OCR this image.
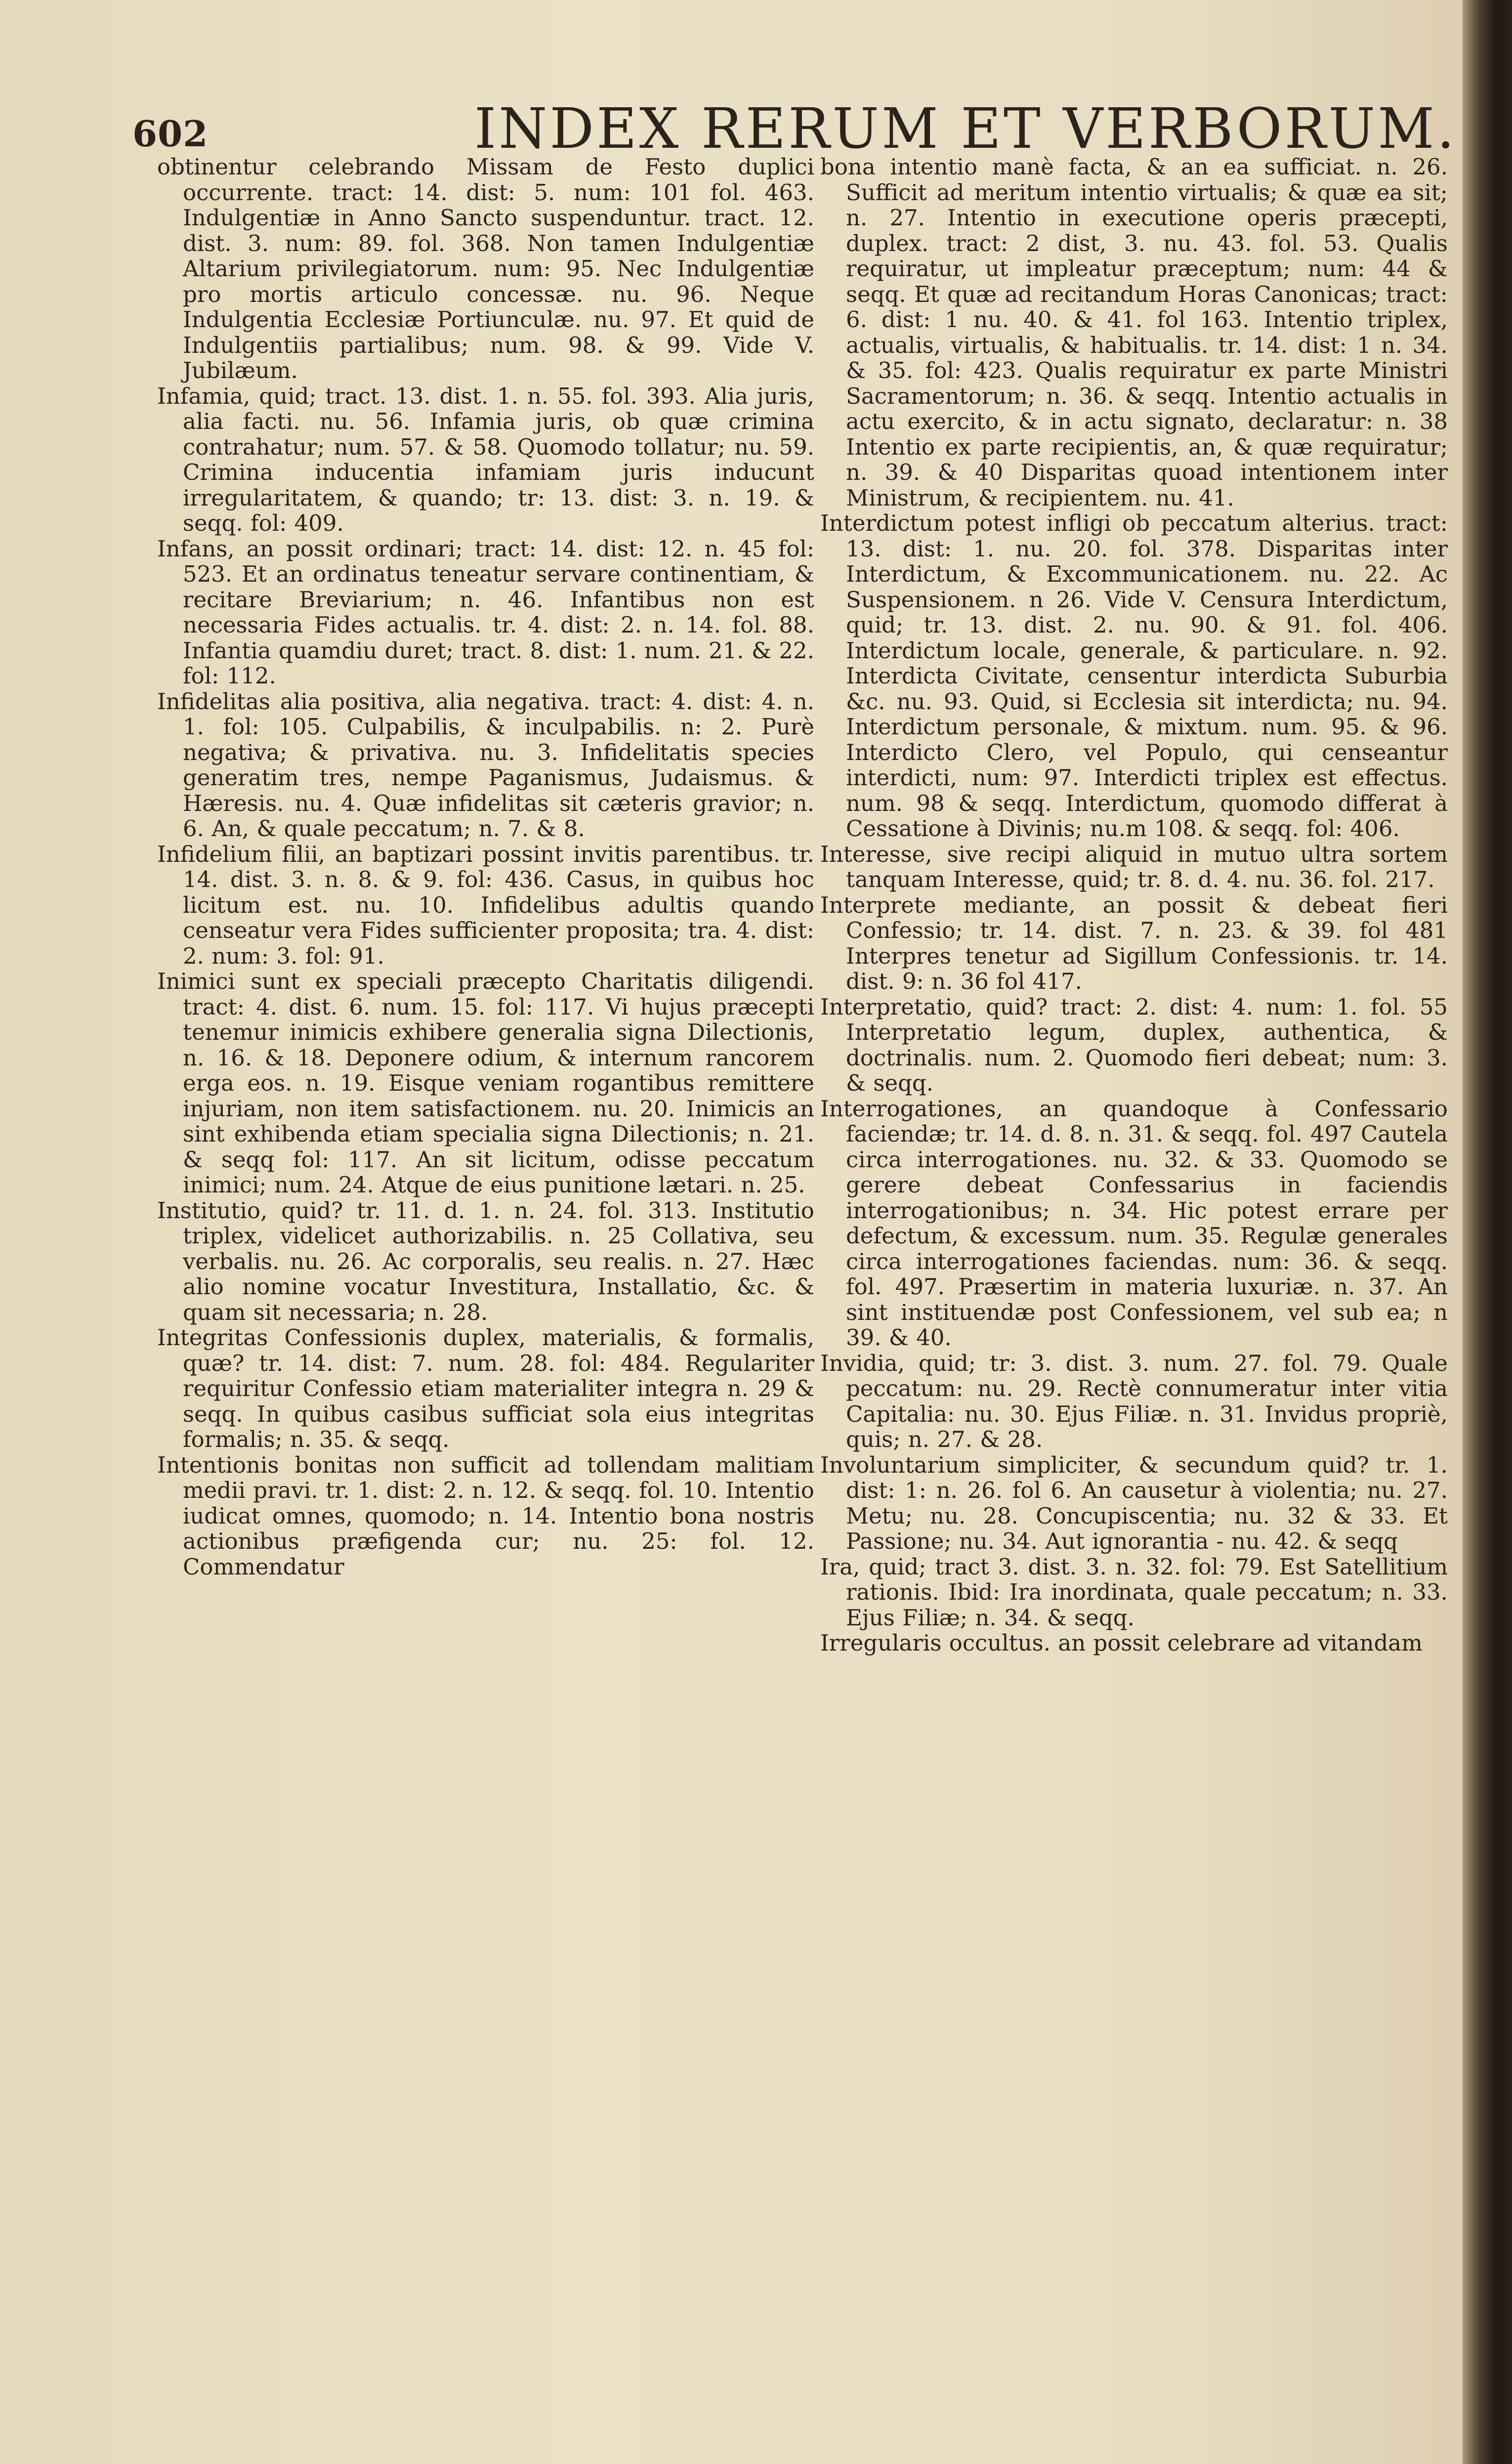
602	INDEX RERUM ET VERBORUM.

obtinentur celebrando Missam de Festo duplici occurrente. tract: 14. dist: 5. num: 101 fol. 463. Indulgentiæ in Anno Sancto suspenduntur. tract. 12. dist. 3. num: 89. fol. 368. Non tamen Indulgentiæ Altarium privilegiatorum. num: 95. Nec Indulgentiæ pro mortis articulo concessæ. nu. 96. Neque Indulgentia Ecclesiæ Portiunculæ. nu. 97. Et quid de Indulgentiis partialibus; num. 98. & 99. Vide V. Jubilæum.

Infamia, quid; tract. 13. dist. 1. n. 55. fol. 393. Alia juris, alia facti. nu. 56. Infamia juris, ob quæ crimina contrahatur; num. 57. & 58. Quomodo tollatur; nu. 59. Crimina inducentia infamiam juris inducunt irregularitatem, & quando; tr: 13. dist: 3. n. 19. & seqq. fol: 409.

Infans, an possit ordinari; tract: 14. dist: 12. n. 45 fol: 523. Et an ordinatus teneatur servare continentiam, & recitare Breviarium; n. 46. Infantibus non est necessaria Fides actualis. tr. 4. dist: 2. n. 14. fol. 88. Infantia quamdiu duret; tract. 8. dist: 1. num. 21. & 22. fol: 112.

Infidelitas alia positiva, alia negativa. tract: 4. dist: 4. n. 1. fol: 105. Culpabilis, & inculpabilis. n: 2. Purè negativa; & privativa. nu. 3. Infidelitatis species generatim tres, nempe Paganismus, Judaismus. & Hæresis. nu. 4. Quæ infidelitas sit cæteris gravior; n. 6. An, & quale peccatum; n. 7. & 8.

Infidelium filii, an baptizari possint invitis parentibus. tr. 14. dist. 3. n. 8. & 9. fol: 436. Casus, in quibus hoc licitum est. nu. 10. Infidelibus adultis quando censeatur vera Fides sufficienter proposita; tra. 4. dist: 2. num: 3. fol: 91.

Inimici sunt ex speciali præcepto Charitatis diligendi. tract: 4. dist. 6. num. 15. fol: 117. Vi hujus præcepti tenemur inimicis exhibere generalia signa Dilectionis, n. 16. & 18. Deponere odium, & internum rancorem erga eos. n. 19. Eisque veniam rogantibus remittere injuriam, non item satisfactionem. nu. 20. Inimicis an sint exhibenda etiam specialia signa Dilectionis; n. 21. & seqq fol: 117. An sit licitum, odisse peccatum inimici; num. 24. Atque de eius punitione lætari. n. 25.

Institutio, quid? tr. 11. d. 1. n. 24. fol. 313. Institutio triplex, videlicet authorizabilis. n. 25 Collativa, seu verbalis. nu. 26. Ac corporalis, seu realis. n. 27. Hæc alio nomine vocatur Investitura, Installatio, &c. & quam sit necessaria; n. 28.

Integritas Confessionis duplex, materialis, & formalis, quæ? tr. 14. dist: 7. num. 28. fol: 484. Regulariter requiritur Confessio etiam materialiter integra n. 29 & seqq. In quibus casibus sufficiat sola eius integritas formalis; n. 35. & seqq.

Intentionis bonitas non sufficit ad tollendam malitiam medii pravi. tr. 1. dist: 2. n. 12. & seqq. fol. 10. Intentio iudicat omnes, quomodo; n. 14. Intentio bona nostris actionibus præfigenda cur; nu. 25: fol. 12. Commendatur

bona intentio manè facta, & an ea sufficiat. n. 26. Sufficit ad meritum intentio virtualis; & quæ ea sit; n. 27. Intentio in executione operis præcepti, duplex. tract: 2 dist, 3. nu. 43. fol. 53. Qualis requiratur, ut impleatur præceptum; num: 44 & seqq. Et quæ ad recitandum Horas Canonicas; tract: 6. dist: 1 nu. 40. & 41. fol 163. Intentio triplex, actualis, virtualis, & habitualis. tr. 14. dist: 1 n. 34. & 35. fol: 423. Qualis requiratur ex parte Ministri Sacramentorum; n. 36. & seqq. Intentio actualis in actu exercito, & in actu signato, declaratur: n. 38 Intentio ex parte recipientis, an, & quæ requiratur; n. 39. & 40 Disparitas quoad intentionem inter Ministrum, & recipientem. nu. 41.

Interdictum potest infligi ob peccatum alterius. tract: 13. dist: 1. nu. 20. fol. 378. Disparitas inter Interdictum, & Excommunicationem. nu. 22. Ac Suspensionem. n 26. Vide V. Censura Interdictum, quid; tr. 13. dist. 2. nu. 90. & 91. fol. 406. Interdictum locale, generale, & particulare. n. 92. Interdicta Civitate, censentur interdicta Suburbia &c. nu. 93. Quid, si Ecclesia sit interdicta; nu. 94. Interdictum personale, & mixtum. num. 95. & 96. Interdicto Clero, vel Populo, qui censeantur interdicti, num: 97. Interdicti triplex est effectus. num. 98 & seqq. Interdictum, quomodo differat à Cessatione à Divinis; nu.m 108. & seqq. fol: 406.

Interesse, sive recipi aliquid in mutuo ultra sortem tanquam Interesse, quid; tr. 8. d. 4. nu. 36. fol. 217.

Interprete mediante, an possit & debeat fieri Confessio; tr. 14. dist. 7. n. 23. & 39. fol 481 Interpres tenetur ad Sigillum Confessionis. tr. 14. dist. 9: n. 36 fol 417.

Interpretatio, quid? tract: 2. dist: 4. num: 1. fol. 55 Interpretatio legum, duplex, authentica, & doctrinalis. num. 2. Quomodo fieri debeat; num: 3. & seqq.

Interrogationes, an quandoque à Confessario faciendæ; tr. 14. d. 8. n. 31. & seqq. fol. 497 Cautela circa interrogationes. nu. 32. & 33. Quomodo se gerere debeat Confessarius in faciendis interrogationibus; n. 34. Hic potest errare per defectum, & excessum. num. 35. Regulæ generales circa interrogationes faciendas. num: 36. & seqq. fol. 497. Præsertim in materia luxuriæ. n. 37. An sint instituendæ post Confessionem, vel sub ea; n 39. & 40.

Invidia, quid; tr: 3. dist. 3. num. 27. fol. 79. Quale peccatum: nu. 29. Rectè connumeratur inter vitia Capitalia: nu. 30. Ejus Filiæ. n. 31. Invidus propriè, quis; n. 27. & 28.

Involuntarium simpliciter, & secundum quid? tr. 1. dist: 1: n. 26. fol 6. An causetur à violentia; nu. 27. Metu; nu. 28. Concupiscentia; nu. 32 & 33. Et Passione; nu. 34. Aut ignorantia - nu. 42. & seqq

Ira, quid; tract 3. dist. 3. n. 32. fol: 79. Est Satellitium rationis. Ibid: Ira inordinata, quale peccatum; n. 33. Ejus Filiæ; n. 34. & seqq.

Irregularis occultus. an possit celebrare ad vitandam
